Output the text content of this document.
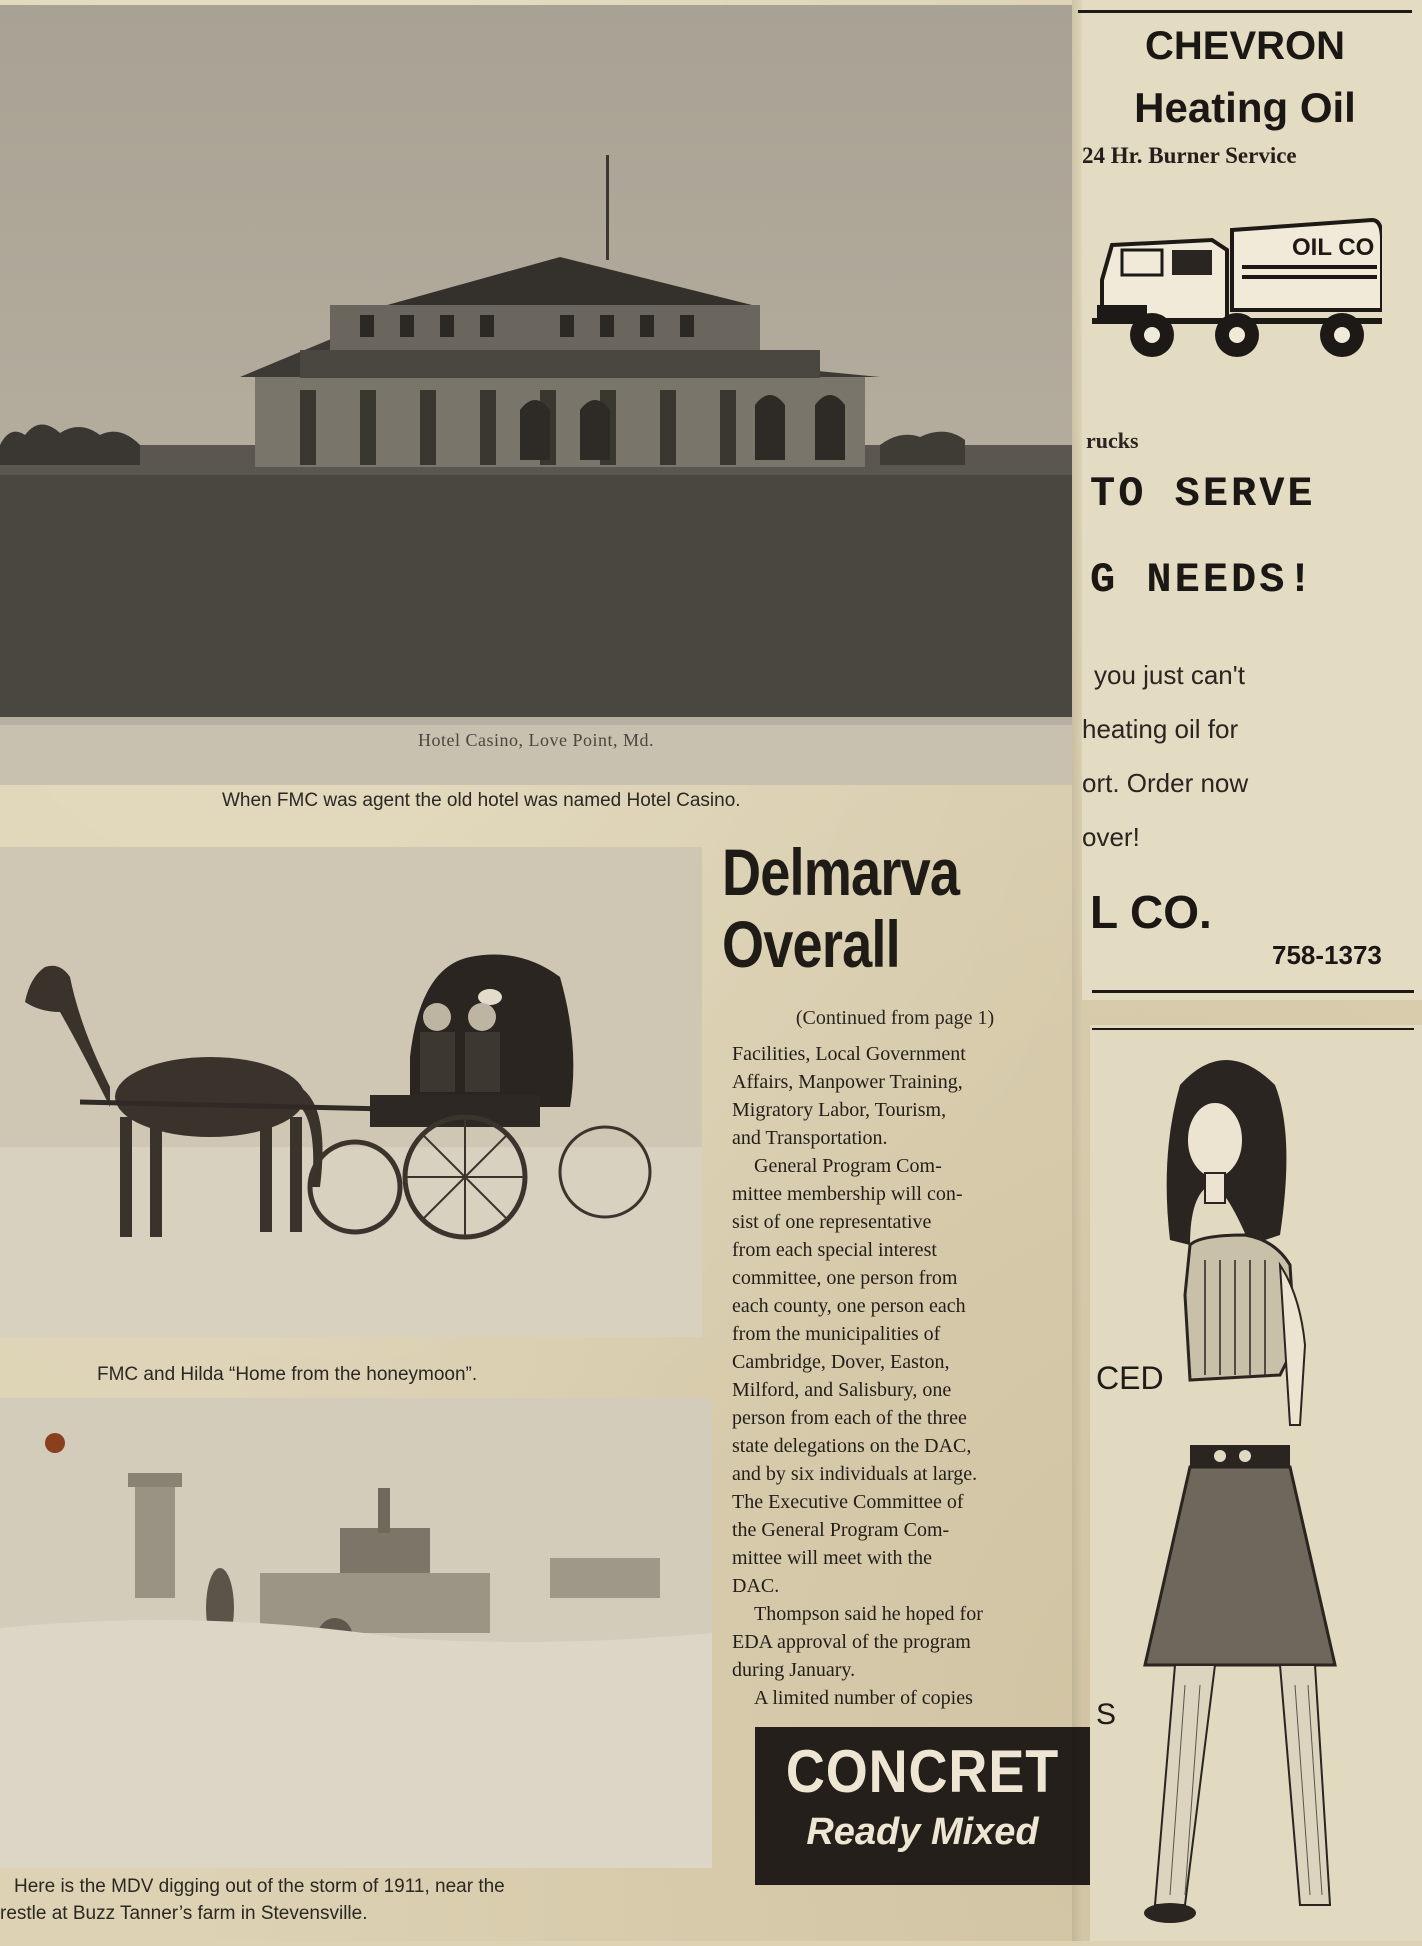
Hotel Casino, Love Point, Md.
When FMC was agent the old hotel was named Hotel Casino.
FMC and Hilda “Home from the honeymoon”.
Here is the MDV digging out of the storm of 1911, near the
restle at Buzz Tanner’s farm in Stevensville.
Delmarva
Overall
(Continued from page 1)

Facilities, Local Government

Affairs, Manpower Training,

Migratory Labor, Tourism,

and Transportation.

General Program Com-

mittee membership will con-

sist of one representative

from each special interest

committee, one person from

each county, one person each

from the municipalities of

Cambridge, Dover, Easton,

Milford, and Salisbury, one

person from each of the three

state delegations on the DAC,

and by six individuals at large.

The Executive Committee of

the General Program Com-

mittee will meet with the

DAC.

Thompson said he hoped for

EDA approval of the program

during January.

A limited number of copies

CONCRET
Ready Mixed
CHEVRON
Heating Oil
24 Hr. Burner Service
OIL CO
rucks
TO SERVE
G NEEDS!
you just can't
heating oil for
ort. Order now
over!
L CO.
758-1373
CED
S
